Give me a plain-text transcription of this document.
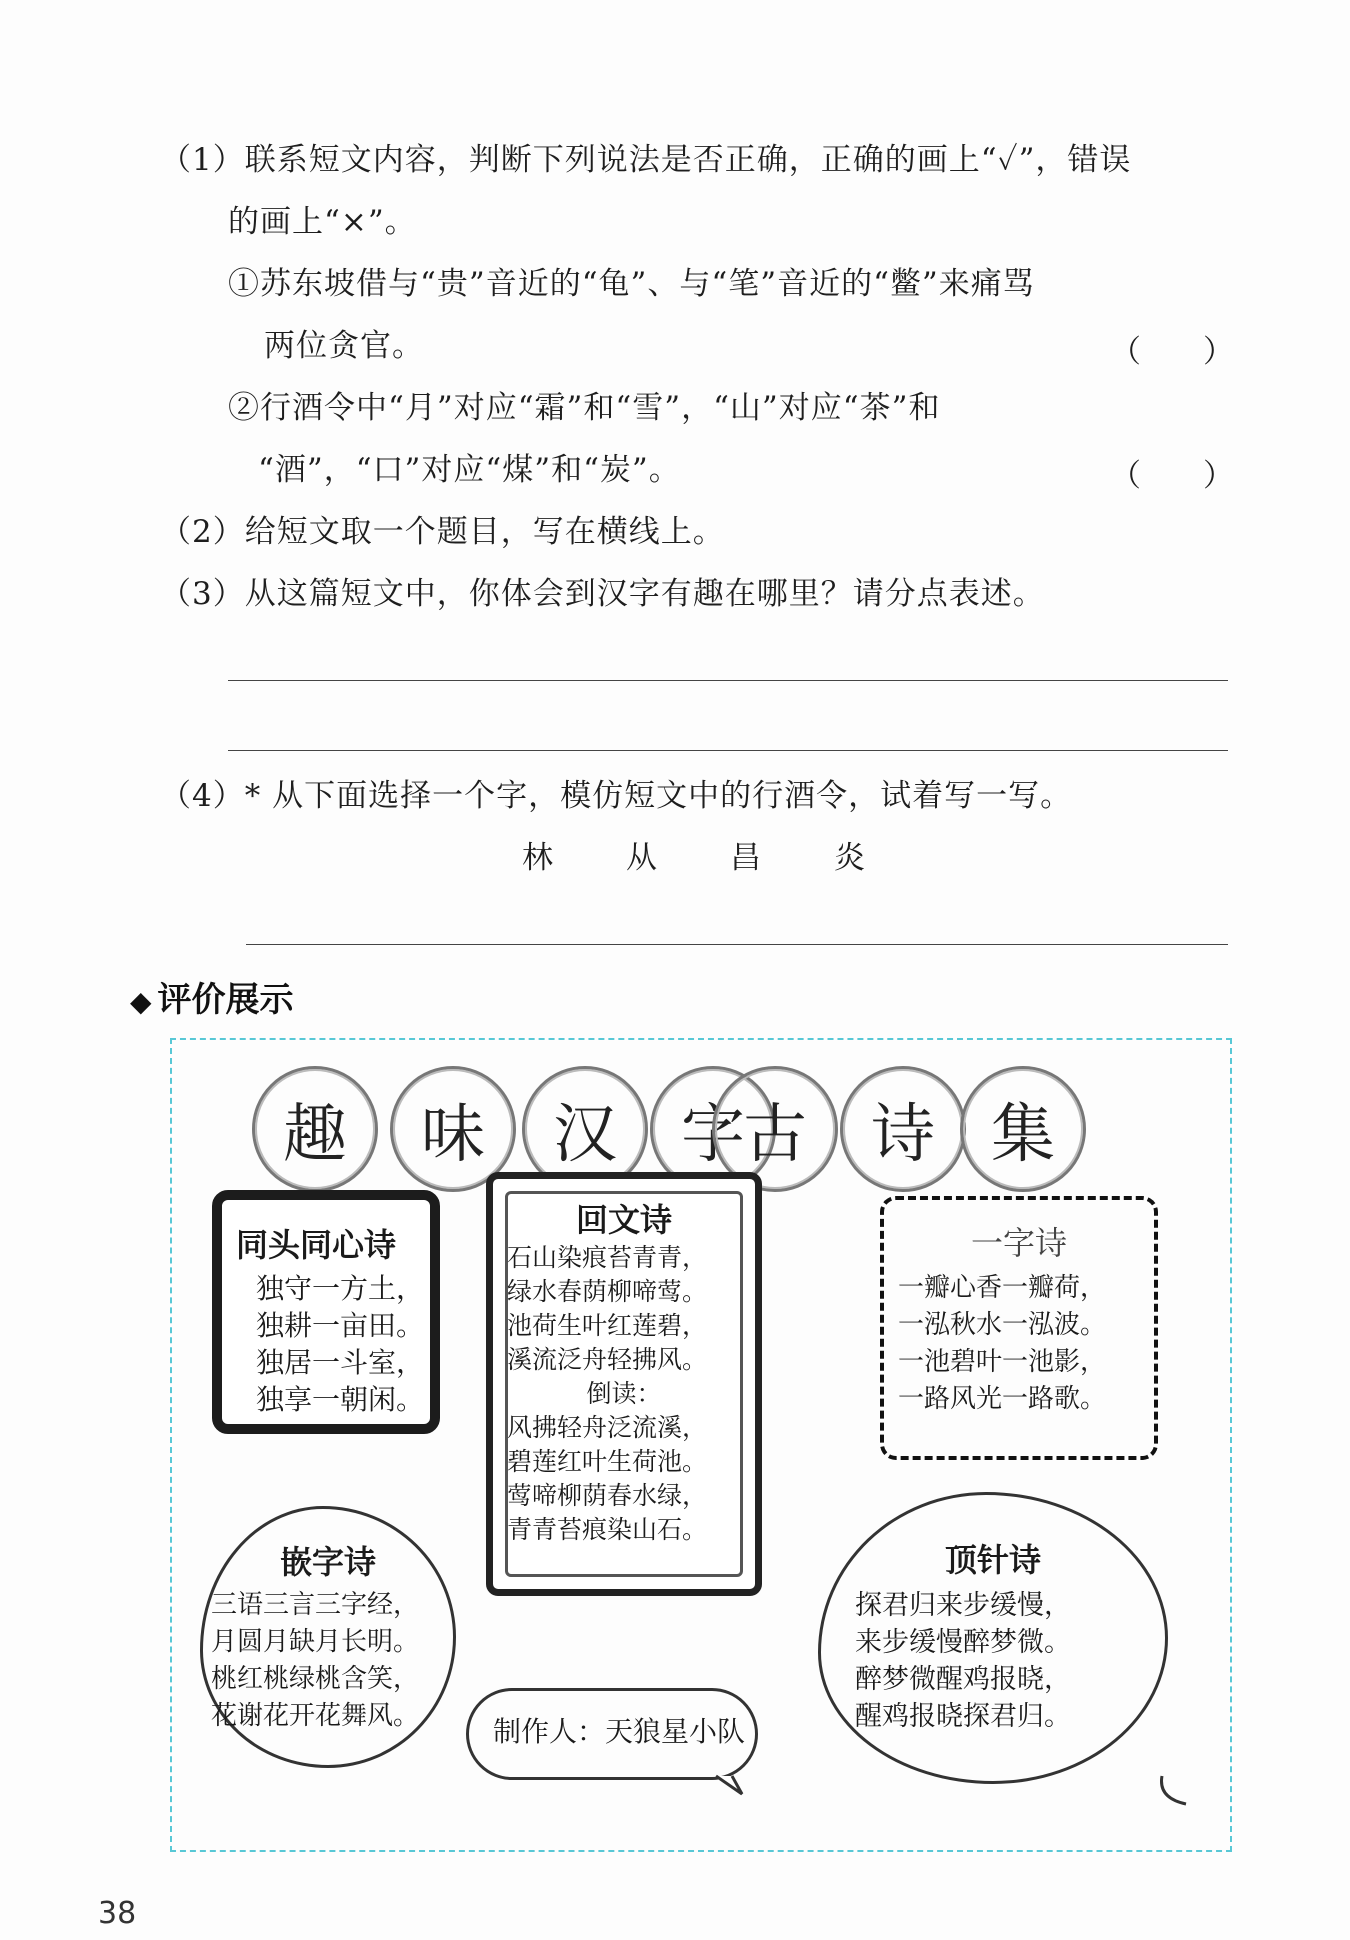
（1）联系短文内容，判断下列说法是否正确，正确的画上“✓”，错误
的画上“×”。
①苏东坡借与“贵”音近的“龟”、与“笔”音近的“鳖”来痛骂
两位贪官。	（　　）
②行酒令中“月”对应“霜”和“雪”，“山”对应“茶”和
“酒”，“口”对应“煤”和“炭”。	（　　）
（2）给短文取一个题目，写在横线上。
（3）从这篇短文中，你体会到汉字有趣在哪里？请分点表述。
（4）* 从下面选择一个字，模仿短文中的行酒令，试着写一写。
林 从 昌 炎
◆ 评价展示
趣	味	汉	字
古	诗 集
同头同心诗
独守一方土，
独耕一亩田。
独居一斗室，
独享一朝闲。
回文诗
石山染痕苔青青，
绿水春荫柳啼莺。
池荷生叶红莲碧，
溪流泛舟轻拂风。
倒读：
风拂轻舟泛流溪，
碧莲红叶生荷池。
莺啼柳荫春水绿，
青青苔痕染山石。
一字诗
一瓣心香一瓣荷，
一泓秋水一泓波。
一池碧叶一池影，
一路风光一路歌。
嵌字诗
三语三言三字经，
月圆月缺月长明。
桃红桃绿桃含笑，
花谢花开花舞风。
顶针诗
探君归来步缓慢，
来步缓慢醉梦微。
醉梦微醒鸡报晓，
醒鸡报晓探君归。
制作人：天狼星小队
38
